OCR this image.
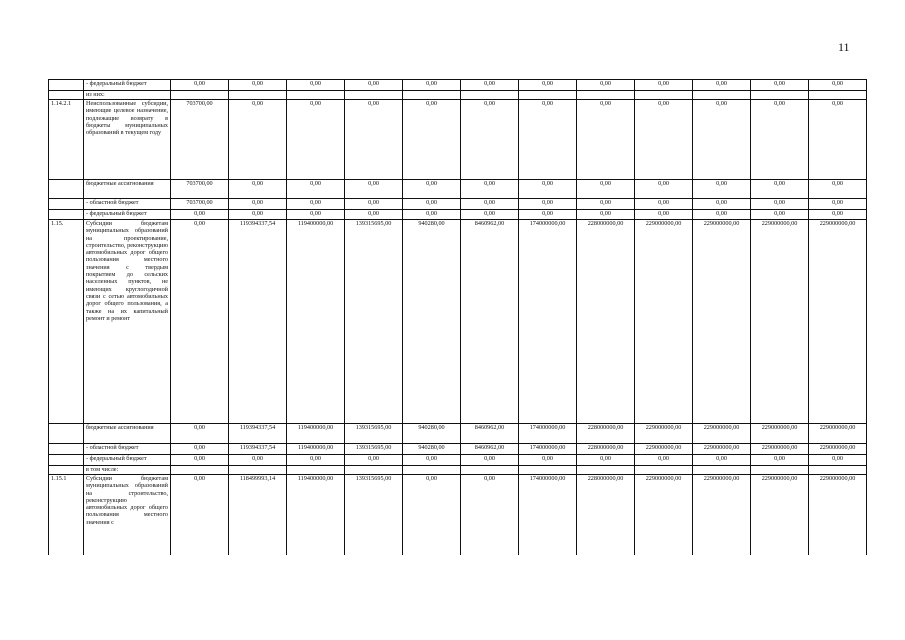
11
	- федеральный бюджет	0,00	0,00	0,00	0,00	0,00	0,00	0,00	0,00	0,00	0,00	0,00	0,00
	из них:												
1.14.2.1	Неиспользованные субсидии, имеющие целевое назначение, подлежащие возврату в бюджеты муниципальных образований в текущем году	703700,00	0,00	0,00	0,00	0,00	0,00	0,00	0,00	0,00	0,00	0,00	0,00
	бюджетные ассигнования	703700,00	0,00	0,00	0,00	0,00	0,00	0,00	0,00	0,00	0,00	0,00	0,00
	- областной бюджет	703700,00	0,00	0,00	0,00	0,00	0,00	0,00	0,00	0,00	0,00	0,00	0,00
	- федеральный бюджет	0,00	0,00	0,00	0,00	0,00	0,00	0,00	0,00	0,00	0,00	0,00	0,00
1.15.	Субсидии бюджетам муниципальных образований на проектирование, строительство, реконструкцию автомобильных дорог общего пользования местного значения с твердым покрытием до сельских населенных пунктов, не имеющих круглогодичной связи с сетью автомобильных дорог общего пользования, а также на их капитальный ремонт и ремонт	0,00	119394337,54	119400000,00	139315695,00	940280,00	8460962,00	174000000,00	228000000,00	229000000,00	229000000,00	229000000,00	229000000,00
	бюджетные ассигнования	0,00	119394337,54	119400000,00	139315695,00	940280,00	8460962,00	174000000,00	228000000,00	229000000,00	229000000,00	229000000,00	229000000,00
	- областной бюджет	0,00	119394337,54	119400000,00	139315695,00	940280,00	8460962,00	174000000,00	228000000,00	229000000,00	229000000,00	229000000,00	229000000,00
	- федеральный бюджет	0,00	0,00	0,00	0,00	0,00	0,00	0,00	0,00	0,00	0,00	0,00	0,00
	в том числе:												
1.15.1	Субсидии бюджетам муниципальных образований на строительство, реконструкцию автомобильных дорог общего пользования местного значения с	0,00	118499993,14	119400000,00	139315695,00	0,00	0,00	174000000,00	228000000,00	229000000,00	229000000,00	229000000,00	229000000,00
